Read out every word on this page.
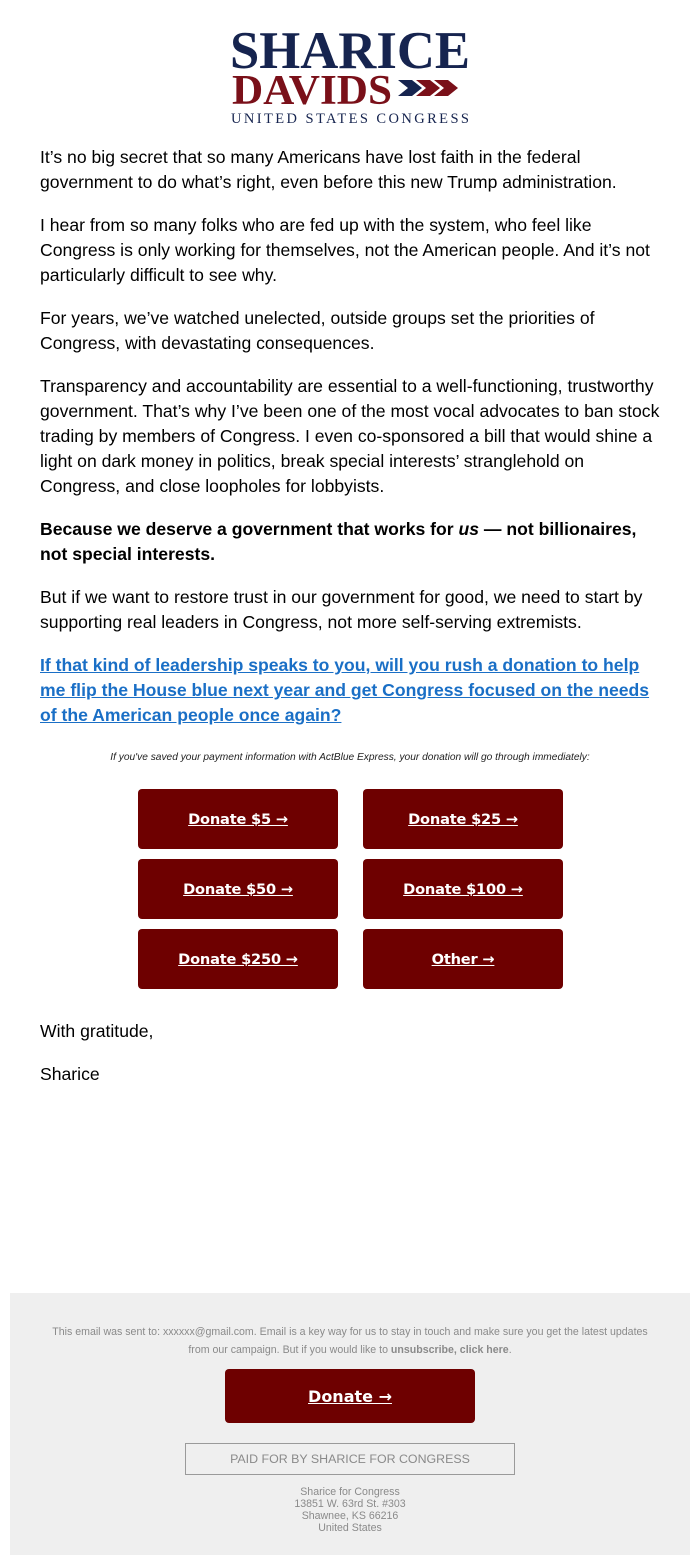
SHARICE
DAVIDS
UNITED STATES CONGRESS

It’s no big secret that so many Americans have lost faith in the federal government to do what’s right, even before this new Trump administration.

I hear from so many folks who are fed up with the system, who feel like Congress is only working for themselves, not the American people. And it’s not particularly difficult to see why.

For years, we’ve watched unelected, outside groups set the priorities of Congress, with devastating consequences.

Transparency and accountability are essential to a well-functioning, trustworthy government. That’s why I’ve been one of the most vocal advocates to ban stock trading by members of Congress. I even co-sponsored a bill that would shine a light on dark money in politics, break special interests’ stranglehold on Congress, and close loopholes for lobbyists.

Because we deserve a government that works for us — not billionaires, not special interests.

But if we want to restore trust in our government for good, we need to start by supporting real leaders in Congress, not more self-serving extremists.

If that kind of leadership speaks to you, will you rush a donation to help me flip the House blue next year and get Congress focused on the needs of the American people once again?

If you've saved your payment information with ActBlue Express, your donation will go through immediately:

Donate $5 →	Donate $25 →
Donate $50 →	Donate $100 →
Donate $250 →	Other →

With gratitude,

Sharice

This email was sent to: xxxxxx@gmail.com. Email is a key way for us to stay in touch and make sure you get the latest updates from our campaign. But if you would like to unsubscribe, click here.
Donate →
PAID FOR BY SHARICE FOR CONGRESS
Sharice for Congress
13851 W. 63rd St. #303
Shawnee, KS 66216
United States
